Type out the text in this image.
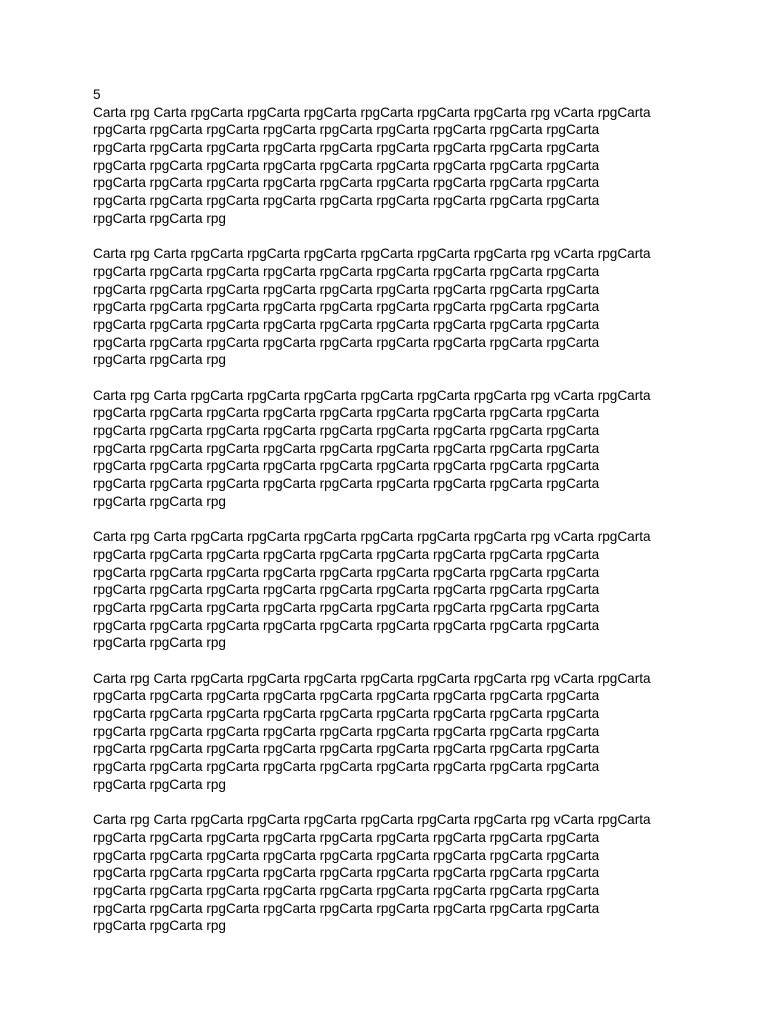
5
Carta rpg Carta rpgCarta rpgCarta rpgCarta rpgCarta rpgCarta rpgCarta rpg vCarta rpgCarta
rpgCarta rpgCarta rpgCarta rpgCarta rpgCarta rpgCarta rpgCarta rpgCarta rpgCarta
rpgCarta rpgCarta rpgCarta rpgCarta rpgCarta rpgCarta rpgCarta rpgCarta rpgCarta
rpgCarta rpgCarta rpgCarta rpgCarta rpgCarta rpgCarta rpgCarta rpgCarta rpgCarta
rpgCarta rpgCarta rpgCarta rpgCarta rpgCarta rpgCarta rpgCarta rpgCarta rpgCarta
rpgCarta rpgCarta rpgCarta rpgCarta rpgCarta rpgCarta rpgCarta rpgCarta rpgCarta
rpgCarta rpgCarta rpg
Carta rpg Carta rpgCarta rpgCarta rpgCarta rpgCarta rpgCarta rpgCarta rpg vCarta rpgCarta
rpgCarta rpgCarta rpgCarta rpgCarta rpgCarta rpgCarta rpgCarta rpgCarta rpgCarta
rpgCarta rpgCarta rpgCarta rpgCarta rpgCarta rpgCarta rpgCarta rpgCarta rpgCarta
rpgCarta rpgCarta rpgCarta rpgCarta rpgCarta rpgCarta rpgCarta rpgCarta rpgCarta
rpgCarta rpgCarta rpgCarta rpgCarta rpgCarta rpgCarta rpgCarta rpgCarta rpgCarta
rpgCarta rpgCarta rpgCarta rpgCarta rpgCarta rpgCarta rpgCarta rpgCarta rpgCarta
rpgCarta rpgCarta rpg
Carta rpg Carta rpgCarta rpgCarta rpgCarta rpgCarta rpgCarta rpgCarta rpg vCarta rpgCarta
rpgCarta rpgCarta rpgCarta rpgCarta rpgCarta rpgCarta rpgCarta rpgCarta rpgCarta
rpgCarta rpgCarta rpgCarta rpgCarta rpgCarta rpgCarta rpgCarta rpgCarta rpgCarta
rpgCarta rpgCarta rpgCarta rpgCarta rpgCarta rpgCarta rpgCarta rpgCarta rpgCarta
rpgCarta rpgCarta rpgCarta rpgCarta rpgCarta rpgCarta rpgCarta rpgCarta rpgCarta
rpgCarta rpgCarta rpgCarta rpgCarta rpgCarta rpgCarta rpgCarta rpgCarta rpgCarta
rpgCarta rpgCarta rpg
Carta rpg Carta rpgCarta rpgCarta rpgCarta rpgCarta rpgCarta rpgCarta rpg vCarta rpgCarta
rpgCarta rpgCarta rpgCarta rpgCarta rpgCarta rpgCarta rpgCarta rpgCarta rpgCarta
rpgCarta rpgCarta rpgCarta rpgCarta rpgCarta rpgCarta rpgCarta rpgCarta rpgCarta
rpgCarta rpgCarta rpgCarta rpgCarta rpgCarta rpgCarta rpgCarta rpgCarta rpgCarta
rpgCarta rpgCarta rpgCarta rpgCarta rpgCarta rpgCarta rpgCarta rpgCarta rpgCarta
rpgCarta rpgCarta rpgCarta rpgCarta rpgCarta rpgCarta rpgCarta rpgCarta rpgCarta
rpgCarta rpgCarta rpg
Carta rpg Carta rpgCarta rpgCarta rpgCarta rpgCarta rpgCarta rpgCarta rpg vCarta rpgCarta
rpgCarta rpgCarta rpgCarta rpgCarta rpgCarta rpgCarta rpgCarta rpgCarta rpgCarta
rpgCarta rpgCarta rpgCarta rpgCarta rpgCarta rpgCarta rpgCarta rpgCarta rpgCarta
rpgCarta rpgCarta rpgCarta rpgCarta rpgCarta rpgCarta rpgCarta rpgCarta rpgCarta
rpgCarta rpgCarta rpgCarta rpgCarta rpgCarta rpgCarta rpgCarta rpgCarta rpgCarta
rpgCarta rpgCarta rpgCarta rpgCarta rpgCarta rpgCarta rpgCarta rpgCarta rpgCarta
rpgCarta rpgCarta rpg
Carta rpg Carta rpgCarta rpgCarta rpgCarta rpgCarta rpgCarta rpgCarta rpg vCarta rpgCarta
rpgCarta rpgCarta rpgCarta rpgCarta rpgCarta rpgCarta rpgCarta rpgCarta rpgCarta
rpgCarta rpgCarta rpgCarta rpgCarta rpgCarta rpgCarta rpgCarta rpgCarta rpgCarta
rpgCarta rpgCarta rpgCarta rpgCarta rpgCarta rpgCarta rpgCarta rpgCarta rpgCarta
rpgCarta rpgCarta rpgCarta rpgCarta rpgCarta rpgCarta rpgCarta rpgCarta rpgCarta
rpgCarta rpgCarta rpgCarta rpgCarta rpgCarta rpgCarta rpgCarta rpgCarta rpgCarta
rpgCarta rpgCarta rpg
